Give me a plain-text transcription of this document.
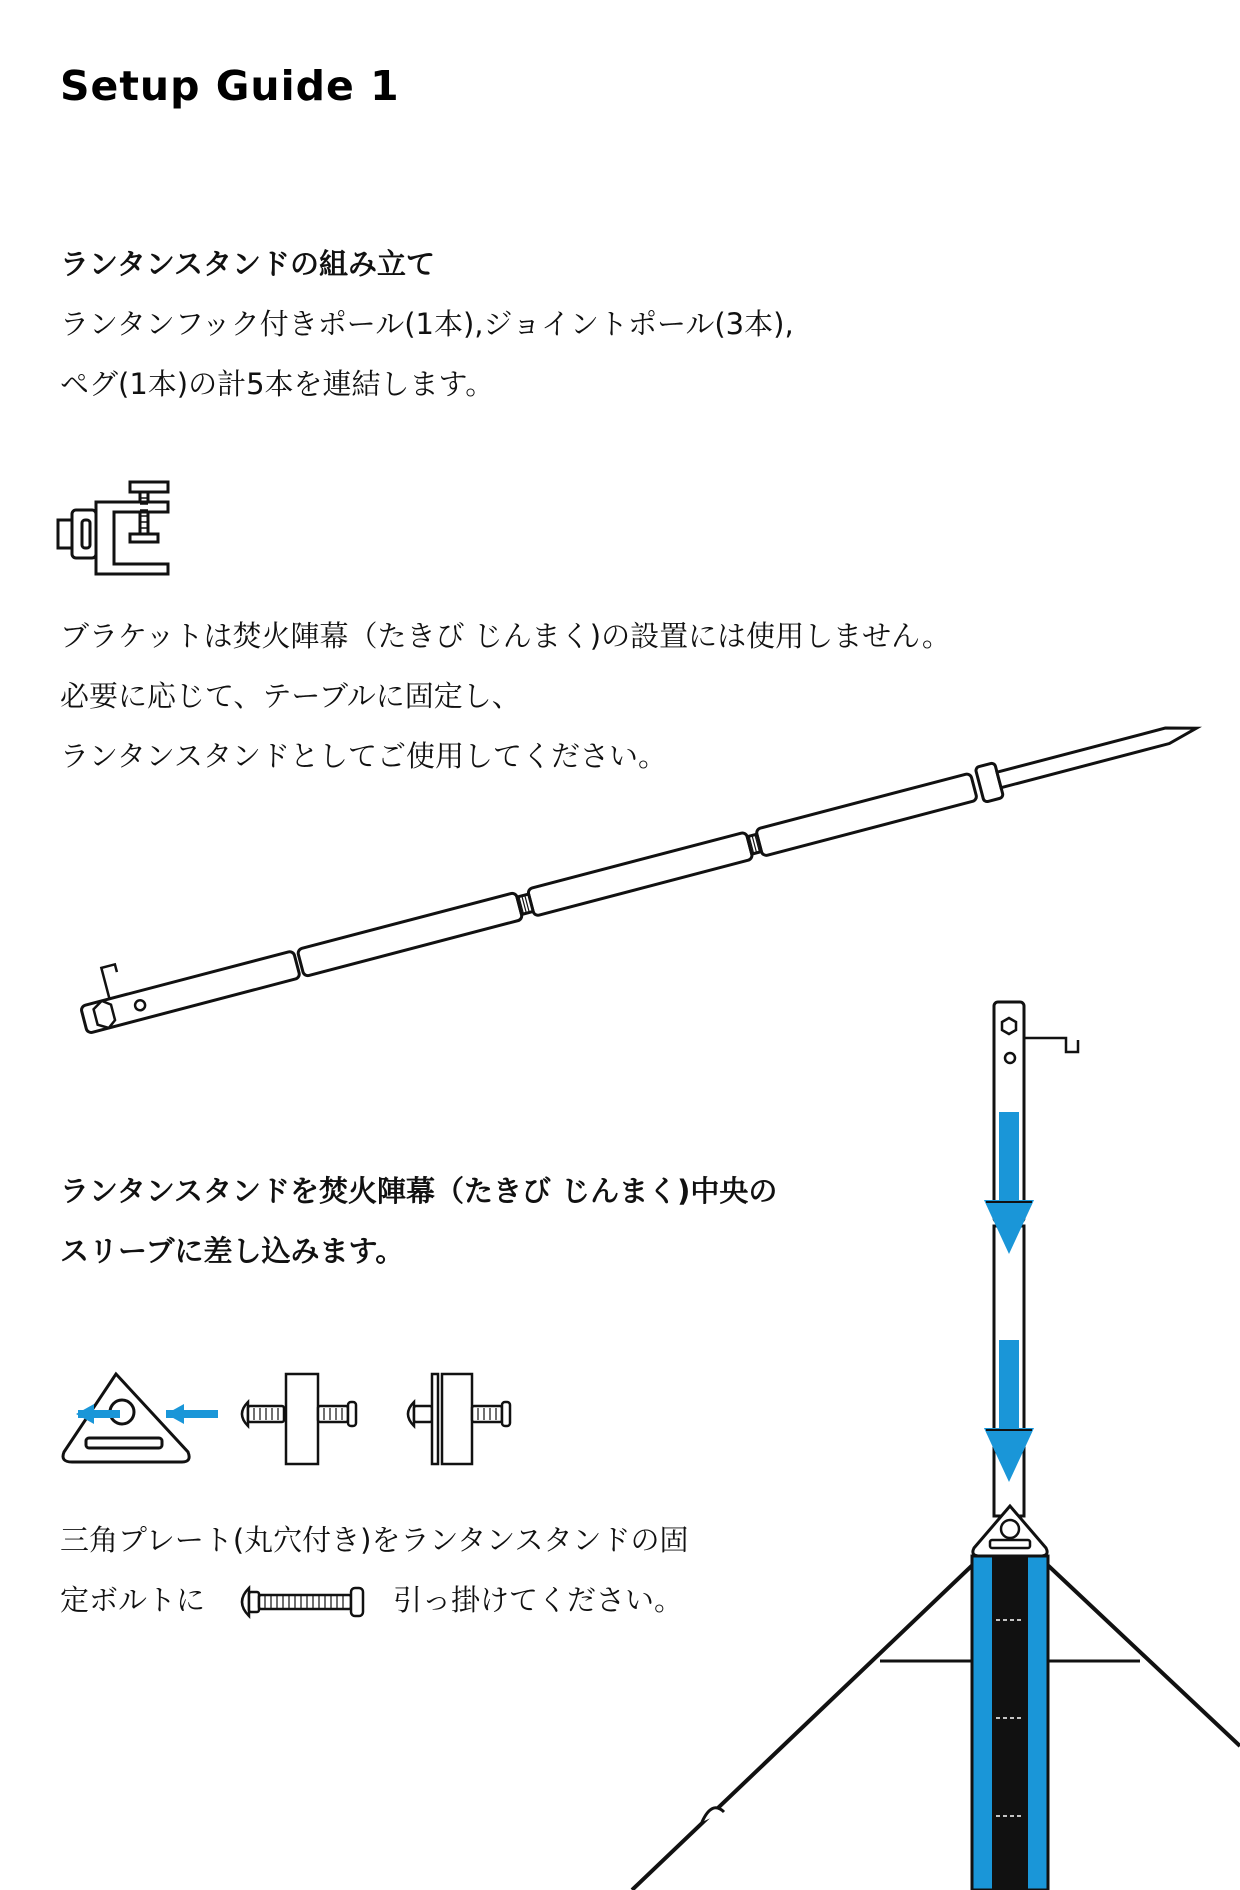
Setup Guide 1
ランタンスタンドの組み立て
ランタンフック付きポール(1本),ジョイントポール(3本),
ペグ(1本)の計5本を連結します。
ブラケットは焚火陣幕（たきび じんまく)の設置には使用しません。
必要に応じて、テーブルに固定し、
ランタンスタンドとしてご使用してください。
ランタンスタンドを焚火陣幕（たきび じんまく)中央の
スリーブに差し込みます。
三角プレート(丸穴付き)をランタンスタンドの固
定ボルトに	引っ掛けてください。
